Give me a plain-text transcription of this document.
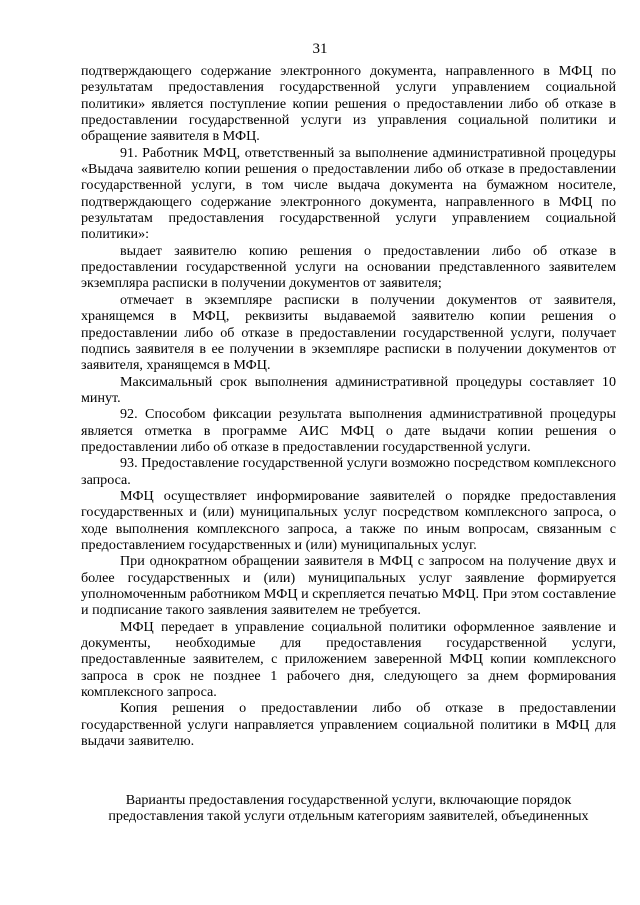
31

подтверждающего содержание электронного документа, направленного в МФЦ по результатам предоставления государственной услуги управлением социальной политики» является поступление копии решения о предоставлении либо об отказе в предоставлении государственной услуги из управления социальной политики и обращение заявителя в МФЦ.

91. Работник МФЦ, ответственный за выполнение административной процедуры «Выдача заявителю копии решения о предоставлении либо об отказе в предоставлении государственной услуги, в том числе выдача документа на бумажном носителе, подтверждающего содержание электронного документа, направленного в МФЦ по результатам предоставления государственной услуги управлением социальной политики»:

выдает заявителю копию решения о предоставлении либо об отказе в предоставлении государственной услуги на основании представленного заявителем экземпляра расписки в получении документов от заявителя;

отмечает в экземпляре расписки в получении документов от заявителя, хранящемся в МФЦ, реквизиты выдаваемой заявителю копии решения о предоставлении либо об отказе в предоставлении государственной услуги, получает подпись заявителя в ее получении в экземпляре расписки в получении документов от заявителя, хранящемся в МФЦ.

Максимальный срок выполнения административной процедуры составляет 10 минут.

92. Способом фиксации результата выполнения административной процедуры является отметка в программе АИС МФЦ о дате выдачи копии решения о предоставлении либо об отказе в предоставлении государственной услуги.

93. Предоставление государственной услуги возможно посредством комплексного запроса.

МФЦ осуществляет информирование заявителей о порядке предоставления государственных и (или) муниципальных услуг посредством комплексного запроса, о ходе выполнения комплексного запроса, а также по иным вопросам, связанным с предоставлением государственных и (или) муниципальных услуг.

При однократном обращении заявителя в МФЦ с запросом на получение двух и более государственных и (или) муниципальных услуг заявление формируется уполномоченным работником МФЦ и скрепляется печатью МФЦ. При этом составление и подписание такого заявления заявителем не требуется.

МФЦ передает в управление социальной политики оформленное заявление и документы, необходимые для предоставления государственной услуги, предоставленные заявителем, с приложением заверенной МФЦ копии комплексного запроса в срок не позднее 1 рабочего дня, следующего за днем формирования комплексного запроса.

Копия решения о предоставлении либо об отказе в предоставлении государственной услуги направляется управлением социальной политики в МФЦ для выдачи заявителю.

Варианты предоставления государственной услуги, включающие порядок

предоставления такой услуги отдельным категориям заявителей, объединенных
